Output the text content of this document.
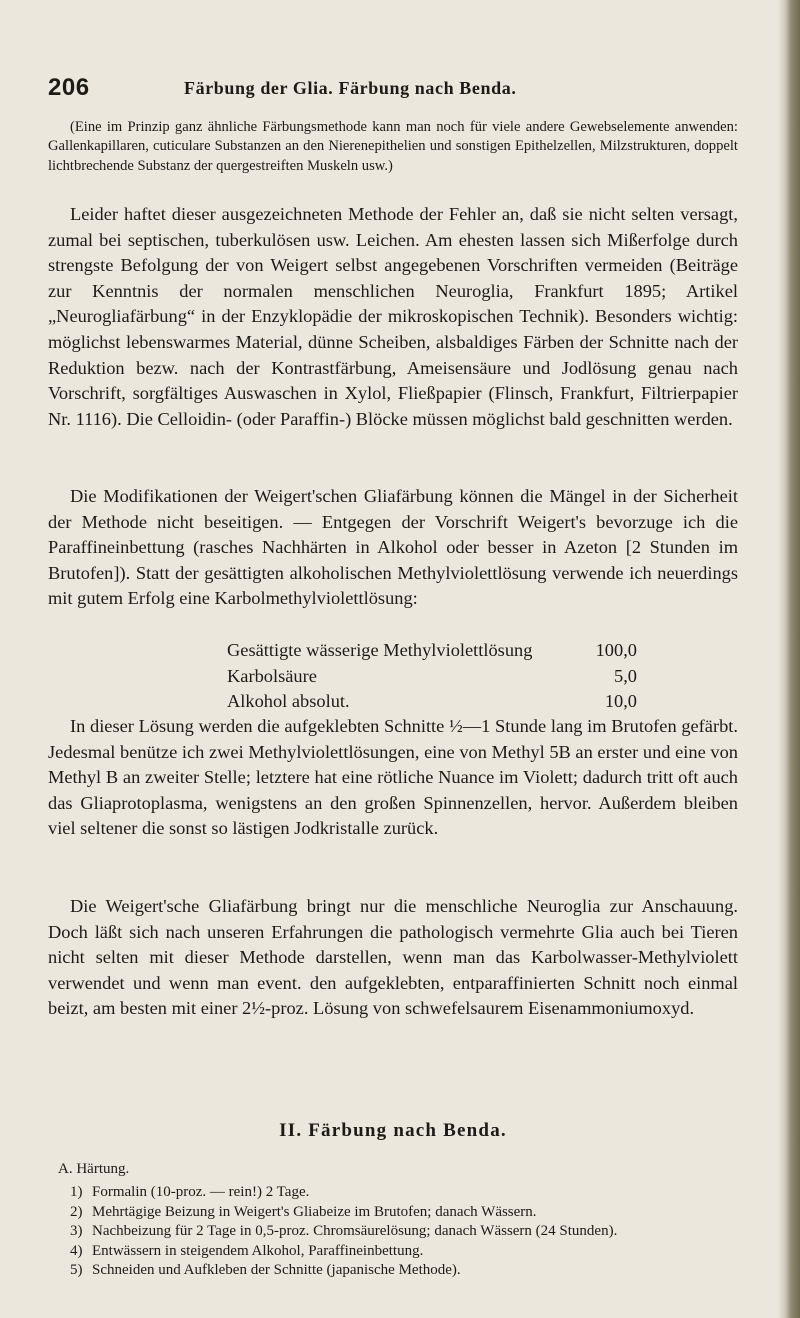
206	Färbung der Glia. Färbung nach Benda.

(Eine im Prinzip ganz ähnliche Färbungsmethode kann man noch für viele andere Gewebselemente anwenden: Gallenkapillaren, cuticulare Substanzen an den Nierenepithelien und sonstigen Epithelzellen, Milzstrukturen, doppelt lichtbrechende Substanz der quergestreiften Muskeln usw.)

Leider haftet dieser ausgezeichneten Methode der Fehler an, daß sie nicht selten versagt, zumal bei septischen, tuberkulösen usw. Leichen. Am ehesten lassen sich Mißerfolge durch strengste Befolgung der von Weigert selbst angegebenen Vorschriften vermeiden (Beiträge zur Kenntnis der normalen menschlichen Neuroglia, Frankfurt 1895; Artikel „Neurogliafärbung“ in der Enzyklopädie der mikroskopischen Technik). Besonders wichtig: möglichst lebenswarmes Material, dünne Scheiben, alsbaldiges Färben der Schnitte nach der Reduktion bezw. nach der Kontrastfärbung, Ameisensäure und Jodlösung genau nach Vorschrift, sorgfältiges Auswaschen in Xylol, Fließpapier (Flinsch, Frankfurt, Filtrierpapier Nr. 1116). Die Celloidin- (oder Paraffin-) Blöcke müssen möglichst bald geschnitten werden.

Die Modifikationen der Weigert'schen Gliafärbung können die Mängel in der Sicherheit der Methode nicht beseitigen. — Entgegen der Vorschrift Weigert's bevorzuge ich die Paraffineinbettung (rasches Nachhärten in Alkohol oder besser in Azeton [2 Stunden im Brutofen]). Statt der gesättigten alkoholischen Methylviolettlösung verwende ich neuerdings mit gutem Erfolg eine Karbolmethylviolettlösung:

Gesättigte wässerige Methylviolettlösung	100,0
Karbolsäure	5,0
Alkohol absolut.	10,0

In dieser Lösung werden die aufgeklebten Schnitte ½—1 Stunde lang im Brutofen gefärbt. Jedesmal benütze ich zwei Methylviolettlösungen, eine von Methyl 5B an erster und eine von Methyl B an zweiter Stelle; letztere hat eine rötliche Nuance im Violett; dadurch tritt oft auch das Gliaprotoplasma, wenigstens an den großen Spinnenzellen, hervor. Außerdem bleiben viel seltener die sonst so lästigen Jodkristalle zurück.

Die Weigert'sche Gliafärbung bringt nur die menschliche Neuroglia zur Anschauung. Doch läßt sich nach unseren Erfahrungen die pathologisch vermehrte Glia auch bei Tieren nicht selten mit dieser Methode darstellen, wenn man das Karbolwasser-Methylviolett verwendet und wenn man event. den aufgeklebten, entparaffinierten Schnitt noch einmal beizt, am besten mit einer 2½-proz. Lösung von schwefelsaurem Eisenammoniumoxyd.

II. Färbung nach Benda.
A. Härtung.
1) Formalin (10-proz. — rein!) 2 Tage.
2) Mehrtägige Beizung in Weigert's Gliabeize im Brutofen; danach Wässern.
3) Nachbeizung für 2 Tage in 0,5-proz. Chromsäurelösung; danach Wässern (24 Stunden).
4) Entwässern in steigendem Alkohol, Paraffineinbettung.
5) Schneiden und Aufkleben der Schnitte (japanische Methode).
